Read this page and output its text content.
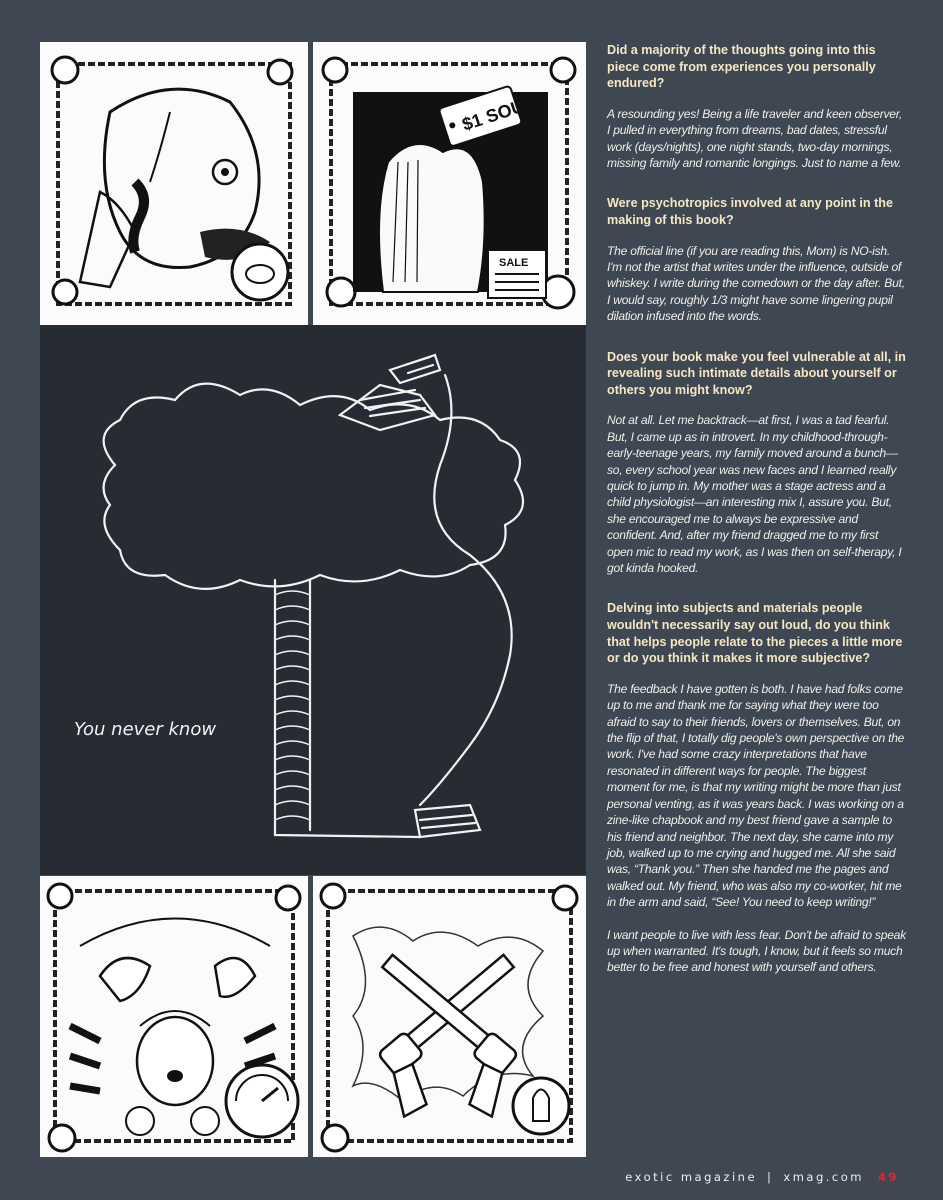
$1 SOUL
SALE
You never know
Did a majority of the thoughts going into this piece come from experiences you personally endured?

A resounding yes! Being a life traveler and keen observer, I pulled in everything from dreams, bad dates, stressful work (days/nights), one night stands, two-day mornings, missing family and romantic longings. Just to name a few.

Were psychotropics involved at any point in the making of this book?

The official line (if you are reading this, Mom) is NO-ish. I'm not the artist that writes under the influence, outside of whiskey. I write during the comedown or the day after. But, I would say, roughly 1/3 might have some lingering pupil dilation infused into the words.

Does your book make you feel vulnerable at all, in revealing such intimate details about yourself or others you might know?

Not at all. Let me backtrack—at first, I was a tad fearful. But, I came up as in introvert. In my childhood-through-early-teenage years, my family moved around a bunch—so, every school year was new faces and I learned really quick to jump in. My mother was a stage actress and a child physiologist—an interesting mix I, assure you. But, she encouraged me to always be expressive and confident. And, after my friend dragged me to my first open mic to read my work, as I was then on self-therapy, I got kinda hooked.

Delving into subjects and materials people wouldn't necessarily say out loud, do you think that helps people relate to the pieces a little more or do you think it makes it more subjective?

The feedback I have gotten is both. I have had folks come up to me and thank me for saying what they were too afraid to say to their friends, lovers or themselves. But, on the flip of that, I totally dig people's own perspective on the work. I've had some crazy interpretations that have resonated in different ways for people. The biggest moment for me, is that my writing might be more than just personal venting, as it was years back. I was working on a zine-like chapbook and my best friend gave a sample to his friend and neighbor. The next day, she came into my job, walked up to me crying and hugged me. All she said was, “Thank you.” Then she handed me the pages and walked out. My friend, who was also my co-worker, hit me in the arm and said, “See! You need to keep writing!”

I want people to live with less fear. Don't be afraid to speak up when warranted. It's tough, I know, but it feels so much better to be free and honest with yourself and others.

exotic magazine | xmag.com 49
